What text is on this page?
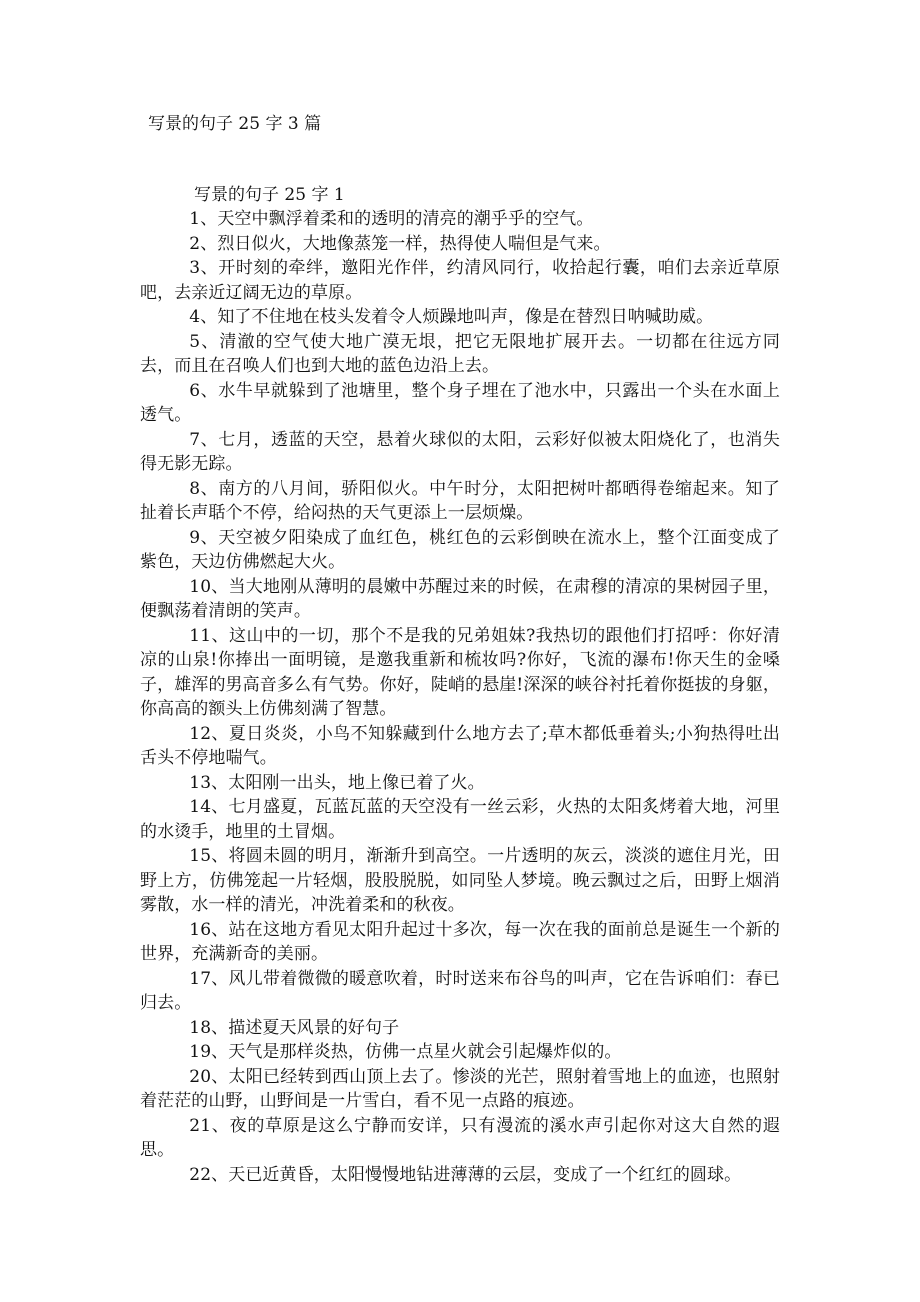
写景的句子 25 字 3 篇

写景的句子 25 字 1

1、天空中飘浮着柔和的透明的清亮的潮乎乎的空气。

2、烈日似火，大地像蒸笼一样，热得使人喘但是气来。

3、开时刻的牵绊，邀阳光作伴，约清风同行，收拾起行囊，咱们去亲近草原吧，去亲近辽阔无边的草原。

4、知了不住地在枝头发着令人烦躁地叫声，像是在替烈日呐喊助威。

5、清澈的空气使大地广漠无垠，把它无限地扩展开去。一切都在往远方同去，而且在召唤人们也到大地的蓝色边沿上去。

6、水牛早就躲到了池塘里，整个身子埋在了池水中，只露出一个头在水面上透气。

7、七月，透蓝的天空，悬着火球似的太阳，云彩好似被太阳烧化了，也消失得无影无踪。

8、南方的八月间，骄阳似火。中午时分，太阳把树叶都晒得卷缩起来。知了扯着长声聒个不停，给闷热的天气更添上一层烦燥。

9、天空被夕阳染成了血红色，桃红色的云彩倒映在流水上，整个江面变成了紫色，天边仿佛燃起大火。

10、当大地刚从薄明的晨嫩中苏醒过来的时候，在肃穆的清凉的果树园子里，便飘荡着清朗的笑声。

11、这山中的一切，那个不是我的兄弟姐妹?我热切的跟他们打招呼：你好清凉的山泉!你捧出一面明镜，是邀我重新和梳妆吗?你好，飞流的瀑布!你天生的金嗓子，雄浑的男高音多么有气势。你好，陡峭的悬崖!深深的峡谷衬托着你挺拔的身躯，你高高的额头上仿佛刻满了智慧。

12、夏日炎炎，小鸟不知躲藏到什么地方去了;草木都低垂着头;小狗热得吐出舌头不停地喘气。

13、太阳刚一出头，地上像已着了火。

14、七月盛夏，瓦蓝瓦蓝的天空没有一丝云彩，火热的太阳炙烤着大地，河里的水烫手，地里的土冒烟。

15、将圆未圆的明月，渐渐升到高空。一片透明的灰云，淡淡的遮住月光，田野上方，仿佛笼起一片轻烟，股股脱脱，如同坠人梦境。晚云飘过之后，田野上烟消雾散，水一样的清光，冲洗着柔和的秋夜。

16、站在这地方看见太阳升起过十多次，每一次在我的面前总是诞生一个新的世界，充满新奇的美丽。

17、风儿带着微微的暖意吹着，时时送来布谷鸟的叫声，它在告诉咱们：春已归去。

18、描述夏天风景的好句子

19、天气是那样炎热，仿佛一点星火就会引起爆炸似的。

20、太阳已经转到西山顶上去了。惨淡的光芒，照射着雪地上的血迹，也照射着茫茫的山野，山野间是一片雪白，看不见一点路的痕迹。

21、夜的草原是这么宁静而安详，只有漫流的溪水声引起你对这大自然的遐思。

22、天已近黄昏，太阳慢慢地钻进薄薄的云层，变成了一个红红的圆球。
